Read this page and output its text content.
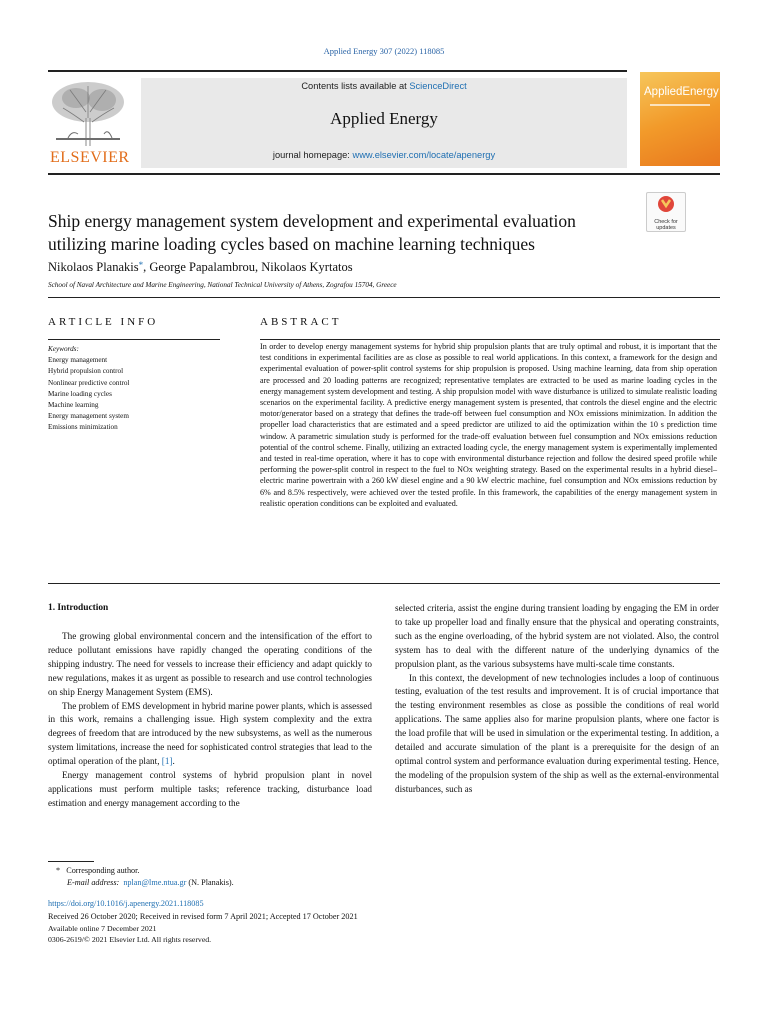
Applied Energy 307 (2022) 118085
ELSEVIER
Contents lists available at ScienceDirect
Applied Energy
journal homepage: www.elsevier.com/locate/apenergy
AppliedEnergy
Ship energy management system development and experimental evaluation
utilizing marine loading cycles based on machine learning techniques
Check for updates
Nikolaos Planakis*, George Papalambrou, Nikolaos Kyrtatos
School of Naval Architecture and Marine Engineering, National Technical University of Athens, Zografou 15704, Greece
ARTICLE INFO
Keywords:
Energy management
Hybrid propulsion control
Nonlinear predictive control
Marine loading cycles
Machine learning
Energy management system
Emissions minimization
ABSTRACT
In order to develop energy management systems for hybrid ship propulsion plants that are truly optimal and robust, it is important that the test conditions in experimental facilities are as close as possible to real world applications. In this context, a framework for the design and experimental evaluation of power-split control systems for ship propulsion is proposed. Using machine learning, data from ship operation are processed and 20 loading patterns are recognized; representative templates are extracted to be used as marine loading cycles in the energy management system development and testing. A ship propulsion model with wave disturbance is utilized to simulate realistic loading scenarios on the experimental facility. A predictive energy management system is presented, that controls the diesel engine and the electric motor/generator based on a strategy that defines the trade-off between fuel consumption and NOx emissions minimization. In addition the propeller load characteristics that are estimated and a speed predictor are utilized to aid the optimization within the 10 s prediction time window. A parametric simulation study is performed for the trade-off evaluation between fuel consumption and NOx emissions reduction potential of the control scheme. Finally, utilizing an extracted loading cycle, the energy management system is experimentally implemented and tested in real-time operation, where it has to cope with environmental disturbance rejection and follow the desired speed profile while performing the power-split control in respect to the fuel to NOx weighting strategy. Based on the experimental results in a hybrid diesel–electric marine powertrain with a 260 kW diesel engine and a 90 kW electric machine, fuel consumption and NOx emissions reduction by 6% and 8.5% respectively, were achieved over the tested profile. In this framework, the capabilities of the energy management system in realistic operation conditions can be exploited and evaluated.
1. Introduction

The growing global environmental concern and the intensification of the effort to reduce pollutant emissions have rapidly changed the operating conditions of the shipping industry. The need for vessels to increase their efficiency and adapt quickly to new regulations, makes it as urgent as possible to research and use control technologies on ship Energy Management System (EMS).

The problem of EMS development in hybrid marine power plants, which is assessed in this work, remains a challenging issue. High system complexity and the extra degrees of freedom that are introduced by the new subsystems, as well as the numerous system limitations, increase the need for sophisticated control strategies that lead to the optimal operation of the plant, [1].

Energy management control systems of hybrid propulsion plant in novel applications must perform multiple tasks; reference tracking, disturbance load estimation and energy management according to the

selected criteria, assist the engine during transient loading by engaging the EM in order to take up propeller load and finally ensure that the physical and operating constraints, such as the engine overloading, of the hybrid system are not violated. Also, the control system has to deal with the different nature of the underlying dynamics of the propulsion plant, as the various subsystems have multi-scale time constants.

In this context, the development of new technologies includes a loop of continuous testing, evaluation of the test results and improvement. It is of crucial importance that the testing environment resembles as close as possible the conditions of real world applications. The same applies also for marine propulsion plants, where one factor is the load profile that will be used in simulation or the experimental testing. In addition, a detailed and accurate simulation of the plant is a prerequisite for the design of an optimal control system and performance evaluation during experimental testing. Hence, the modeling of the propulsion system of the ship as well as the external-environmental disturbances, such as

* Corresponding author.
E-mail address: nplan@lme.ntua.gr (N. Planakis).
https://doi.org/10.1016/j.apenergy.2021.118085
Received 26 October 2020; Received in revised form 7 April 2021; Accepted 17 October 2021
Available online 7 December 2021
0306-2619/© 2021 Elsevier Ltd. All rights reserved.
